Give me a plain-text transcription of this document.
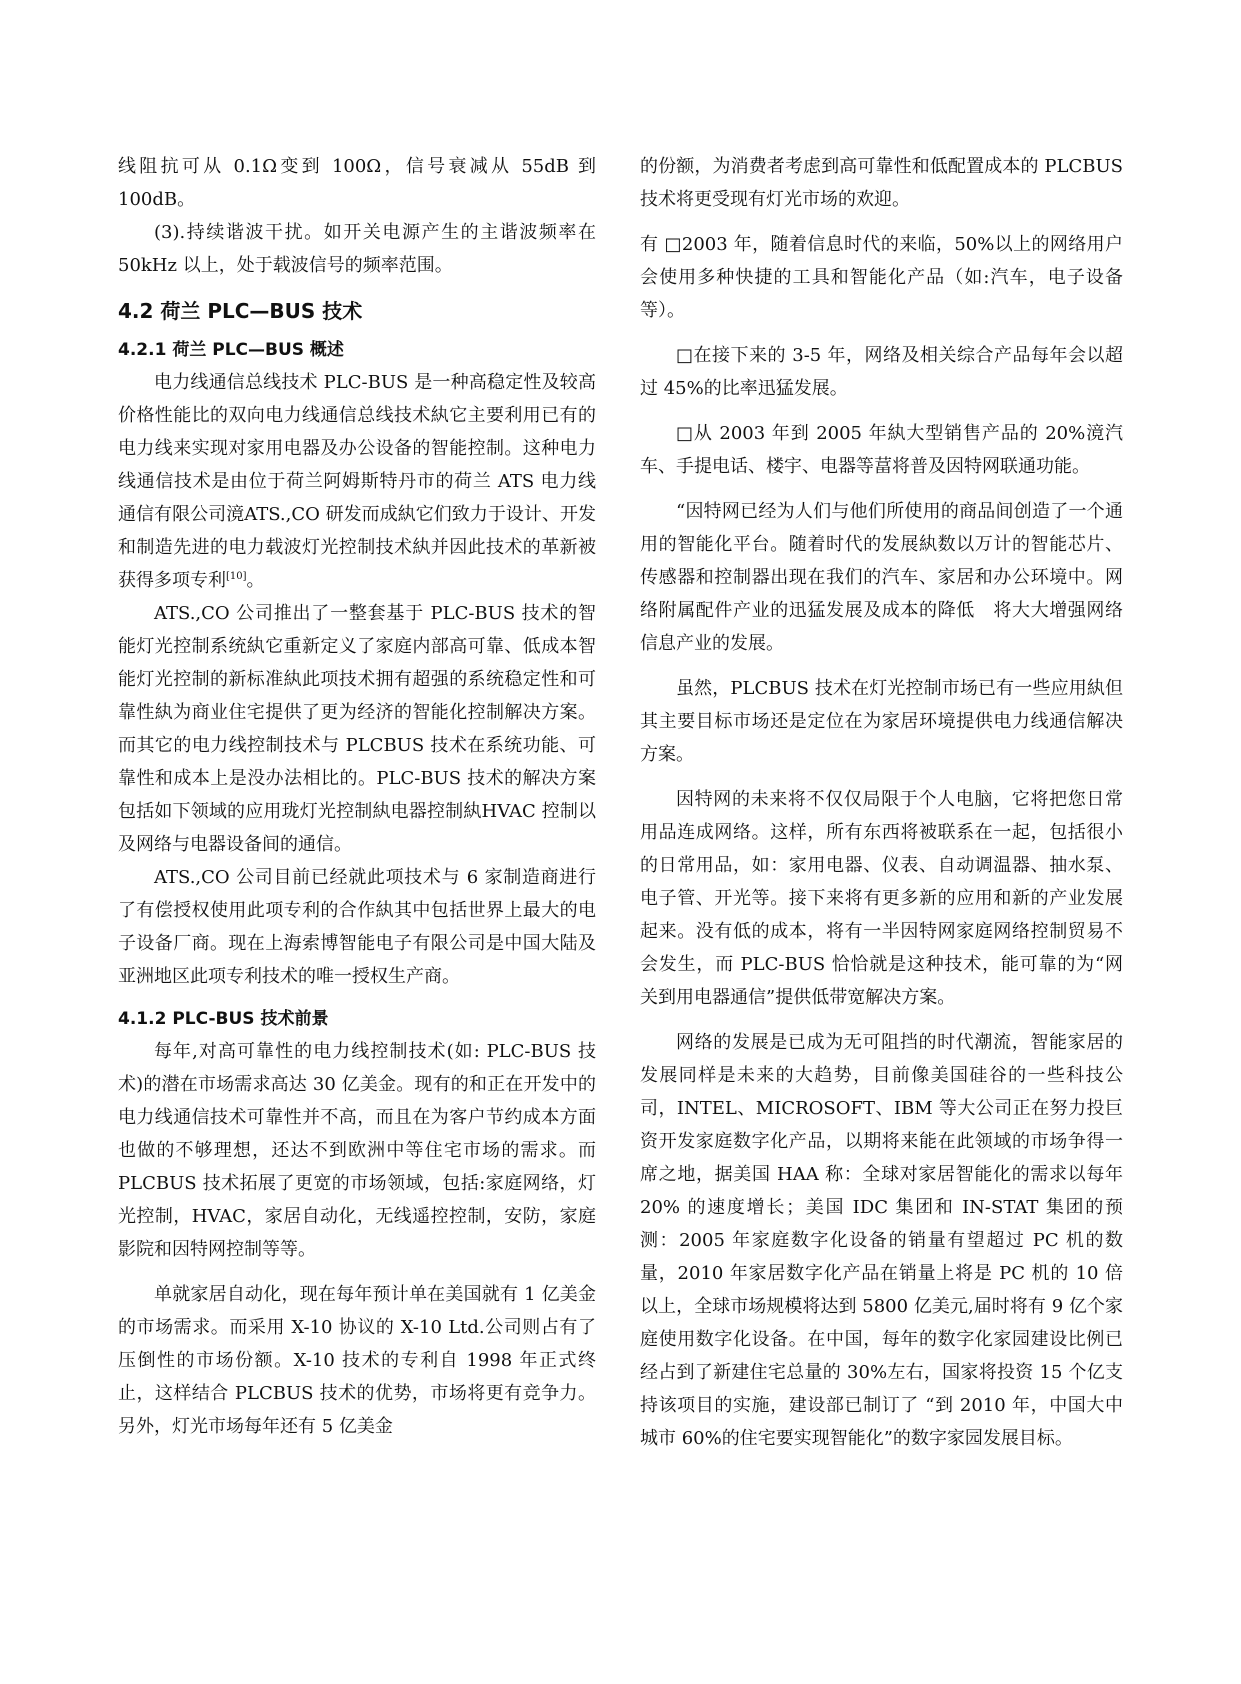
线阻抗可从 0.1Ω变到 100Ω，信号衰减从 55dB 到 100dB。

(3).持续谐波干扰。如开关电源产生的主谐波频率在 50kHz 以上，处于载波信号的频率范围。

4.2 荷兰 PLC—BUS 技术
4.2.1 荷兰 PLC—BUS 概述

电力线通信总线技术 PLC-BUS 是一种高稳定性及较高价格性能比的双向电力线通信总线技术紈它主要利用已有的电力线来实现对家用电器及办公设备的智能控制。这种电力线通信技术是由位于荷兰阿姆斯特丹市的荷兰 ATS 电力线通信有限公司滰ATS.,CO 研发而成紈它们致力于设计、开发和制造先进的电力载波灯光控制技术紈并因此技术的革新被获得多项专利[10]。

ATS.,CO 公司推出了一整套基于 PLC-BUS 技术的智能灯光控制系统紈它重新定义了家庭内部高可靠、低成本智能灯光控制的新标准紈此项技术拥有超强的系统稳定性和可靠性紈为商业住宅提供了更为经济的智能化控制解决方案。而其它的电力线控制技术与 PLCBUS 技术在系统功能、可靠性和成本上是没办法相比的。PLC-BUS 技术的解决方案包括如下领域的应用珑灯光控制紈电器控制紈HVAC 控制以及网络与电器设备间的通信。

ATS.,CO 公司目前已经就此项技术与 6 家制造商进行了有偿授权使用此项专利的合作紈其中包括世界上最大的电子设备厂商。现在上海索博智能电子有限公司是中国大陆及亚洲地区此项专利技术的唯一授权生产商。

4.1.2 PLC-BUS 技术前景

每年,对高可靠性的电力线控制技术(如: PLC-BUS 技术)的潜在市场需求高达 30 亿美金。现有的和正在开发中的电力线通信技术可靠性并不高，而且在为客户节约成本方面也做的不够理想，还达不到欧洲中等住宅市场的需求。而 PLCBUS 技术拓展了更宽的市场领域，包括:家庭网络，灯光控制，HVAC，家居自动化，无线遥控控制，安防，家庭影院和因特网控制等等。

单就家居自动化，现在每年预计单在美国就有 1 亿美金的市场需求。而采用 X-10 协议的 X-10 Ltd.公司则占有了压倒性的市场份额。X-10 技术的专利自 1998 年正式终止，这样结合 PLCBUS 技术的优势，市场将更有竞争力。另外，灯光市场每年还有 5 亿美金

的份额，为消费者考虑到高可靠性和低配置成本的 PLCBUS 技术将更受现有灯光市场的欢迎。

有 □2003 年，随着信息时代的来临，50%以上的网络用户会使用多种快捷的工具和智能化产品（如:汽车，电子设备等）。

□在接下来的 3-5 年，网络及相关综合产品每年会以超过 45%的比率迅猛发展。

□从 2003 年到 2005 年紈大型销售产品的 20%滰汽车、手提电话、楼宇、电器等葍将普及因特网联通功能。

“因特网已经为人们与他们所使用的商品间创造了一个通用的智能化平台。随着时代的发展紈数以万计的智能芯片、传感器和控制器出现在我们的汽车、家居和办公环境中。网络附属配件产业的迅猛发展及成本的降低　将大大增强网络信息产业的发展。

虽然，PLCBUS 技术在灯光控制市场已有一些应用紈但其主要目标市场还是定位在为家居环境提供电力线通信解决方案。

因特网的未来将不仅仅局限于个人电脑，它将把您日常用品连成网络。这样，所有东西将被联系在一起，包括很小的日常用品，如：家用电器、仪表、自动调温器、抽水泵、电子管、开光等。接下来将有更多新的应用和新的产业发展起来。没有低的成本，将有一半因特网家庭网络控制贸易不会发生，而 PLC-BUS 恰恰就是这种技术，能可靠的为“网关到用电器通信”提供低带宽解决方案。

网络的发展是已成为无可阻挡的时代潮流，智能家居的发展同样是未来的大趋势，目前像美国硅谷的一些科技公司，INTEL、MICROSOFT、IBM 等大公司正在努力投巨资开发家庭数字化产品，以期将来能在此领域的市场争得一席之地，据美国 HAA 称：全球对家居智能化的需求以每年 20% 的速度增长；美国 IDC 集团和 IN-STAT 集团的预测：2005 年家庭数字化设备的销量有望超过 PC 机的数量，2010 年家居数字化产品在销量上将是 PC 机的 10 倍以上，全球市场规模将达到 5800 亿美元,届时将有 9 亿个家庭使用数字化设备。在中国，每年的数字化家园建设比例已经占到了新建住宅总量的 30%左右，国家将投资 15 个亿支持该项目的实施，建设部已制订了 “到 2010 年，中国大中城市 60%的住宅要实现智能化”的数字家园发展目标。
